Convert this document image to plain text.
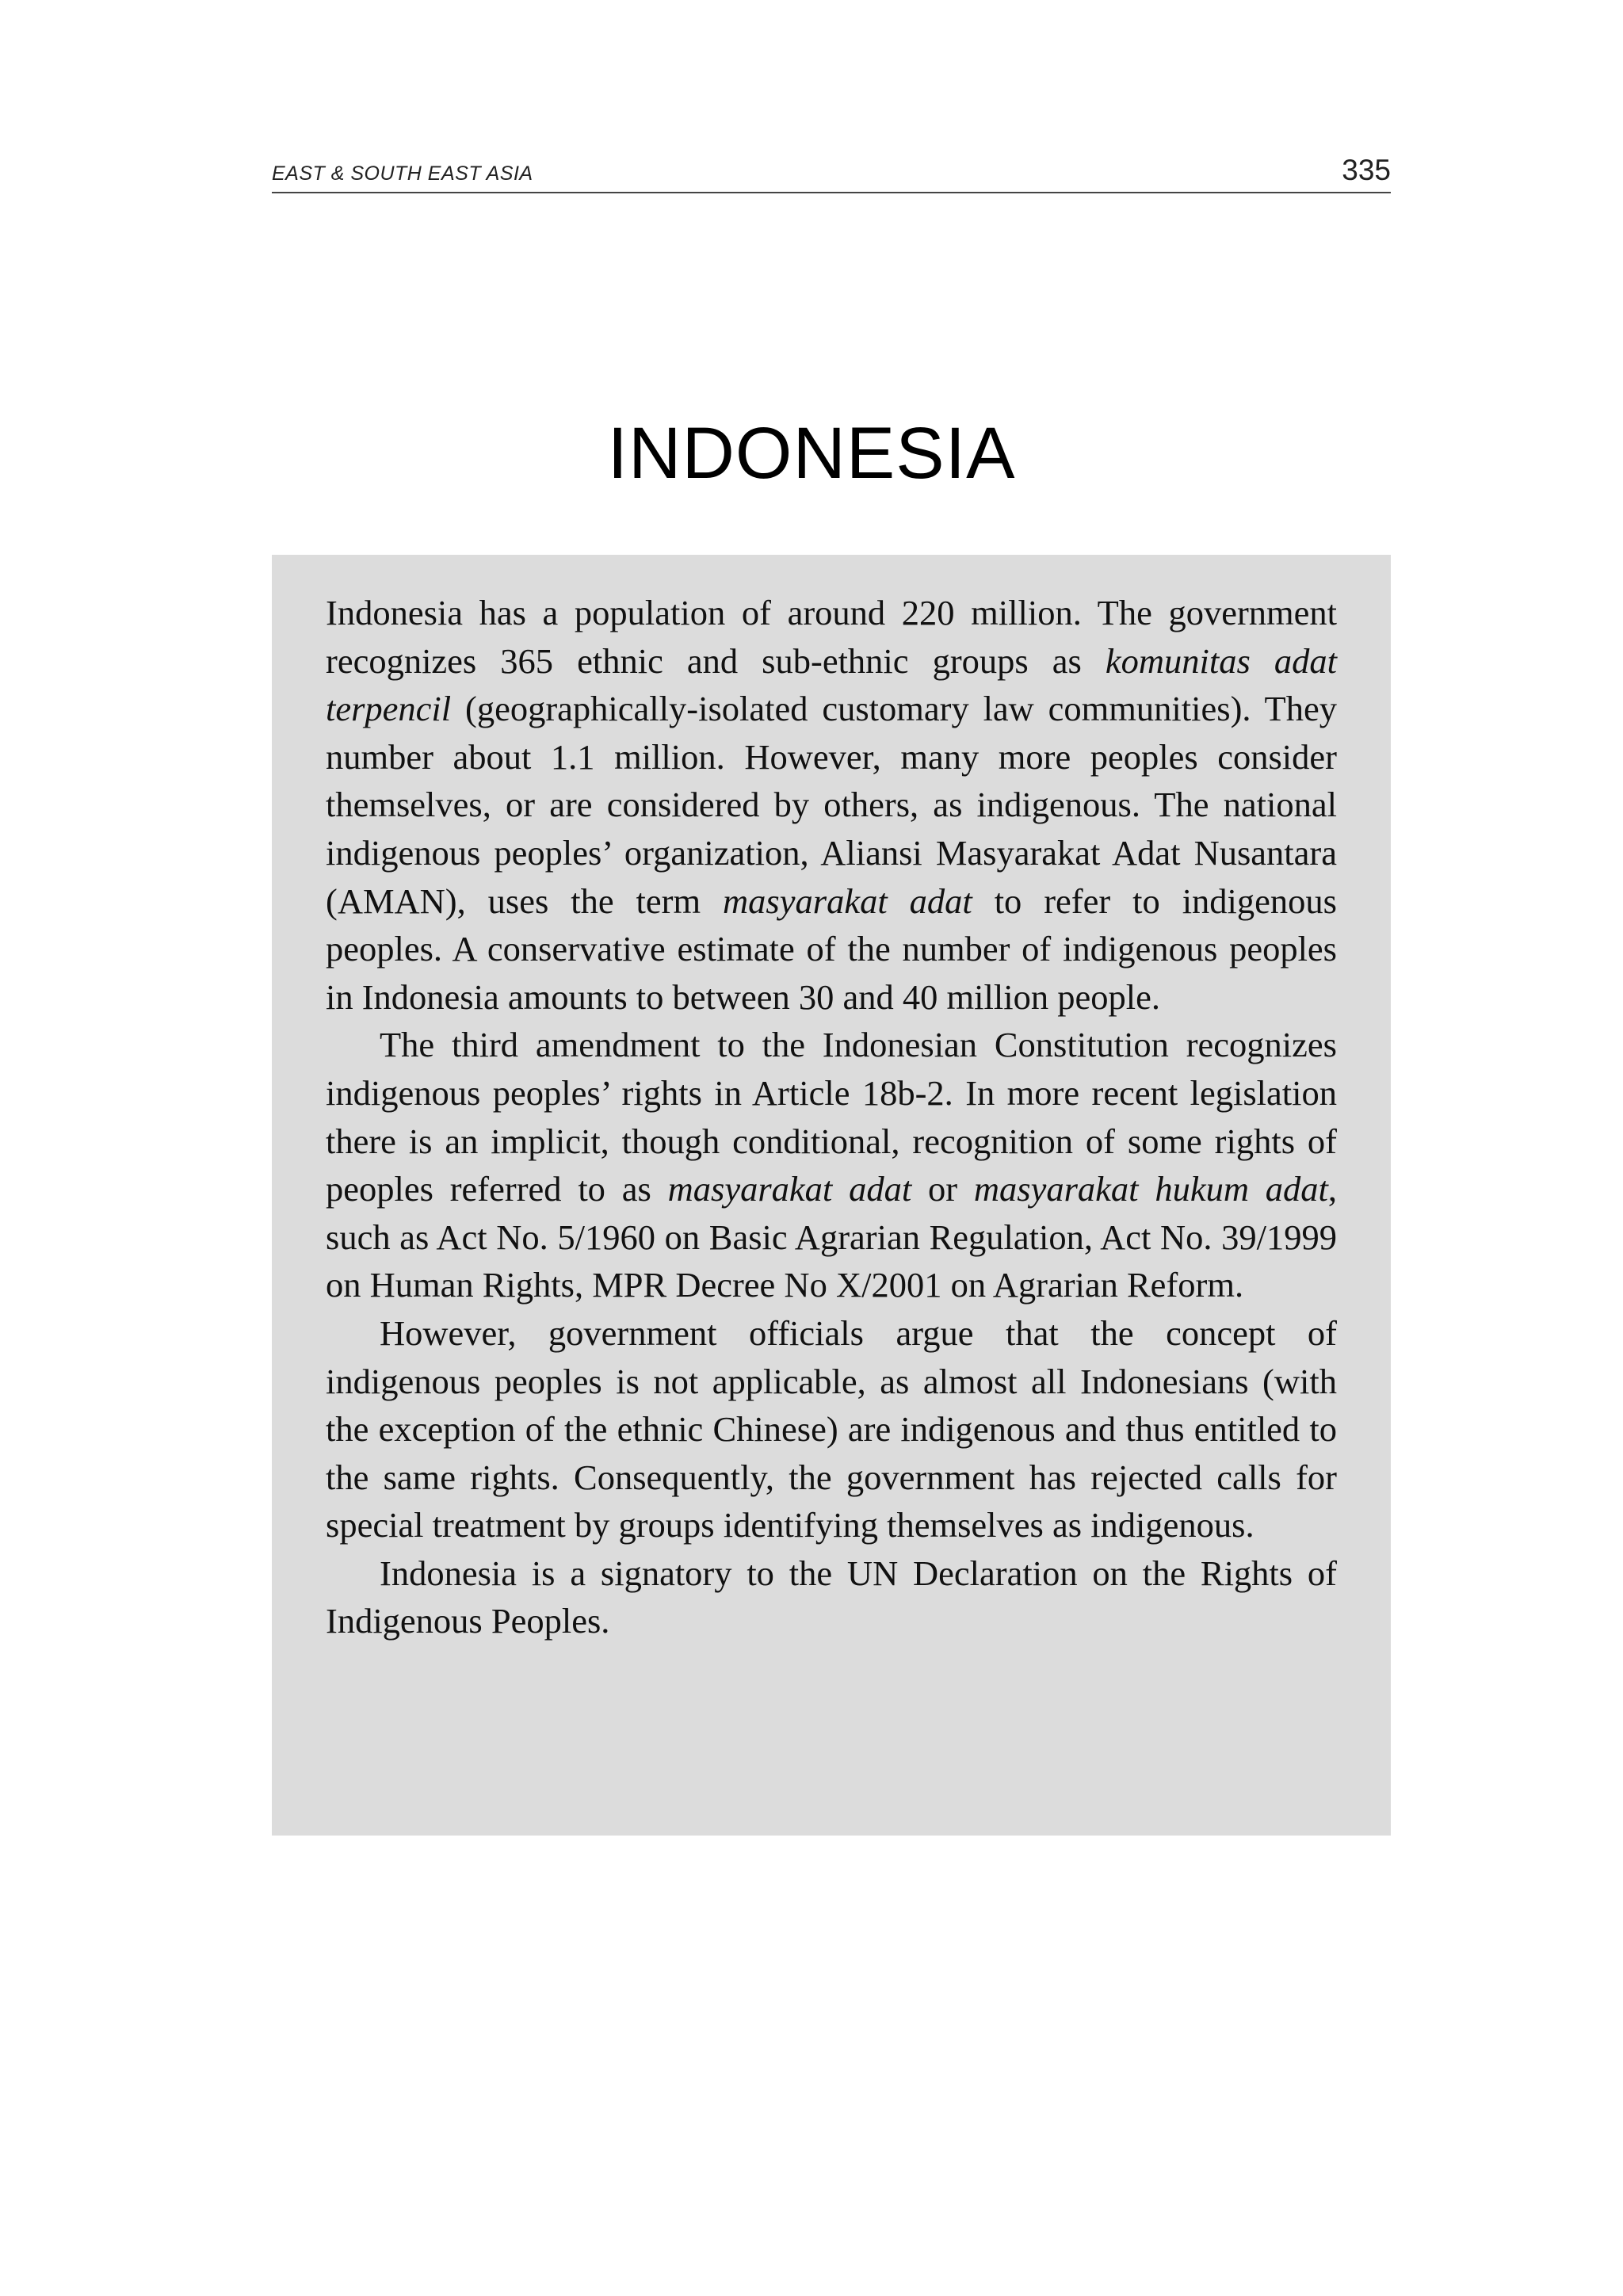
EAST & SOUTH EAST ASIA	335
INDONESIA

Indonesia has a population of around 220 million. The government recognizes 365 ethnic and sub-ethnic groups as komunitas adat terpencil (geographically-isolated customary law communities). They number about 1.1 million. However, many more peoples consider themselves, or are considered by others, as indigenous. The national indigenous peoples’ organization, Aliansi Masyarakat Adat Nusantara (AMAN), uses the term masyarakat adat to refer to indigenous peoples. A conservative estimate of the number of indigenous peoples in Indonesia amounts to between 30 and 40 million people.

The third amendment to the Indonesian Constitution recognizes indigenous peoples’ rights in Article 18b-2. In more recent legislation there is an implicit, though conditional, recognition of some rights of peoples referred to as masyarakat adat or masyarakat hukum adat, such as Act No. 5/1960 on Basic Agrarian Regulation, Act No. 39/1999 on Human Rights, MPR Decree No X/2001 on Agrarian Reform.

However, government officials argue that the concept of indigenous peoples is not applicable, as almost all Indonesians (with the exception of the ethnic Chinese) are indigenous and thus entitled to the same rights. Consequently, the government has rejected calls for special treatment by groups identifying themselves as indigenous.

Indonesia is a signatory to the UN Declaration on the Rights of Indigenous Peoples.
